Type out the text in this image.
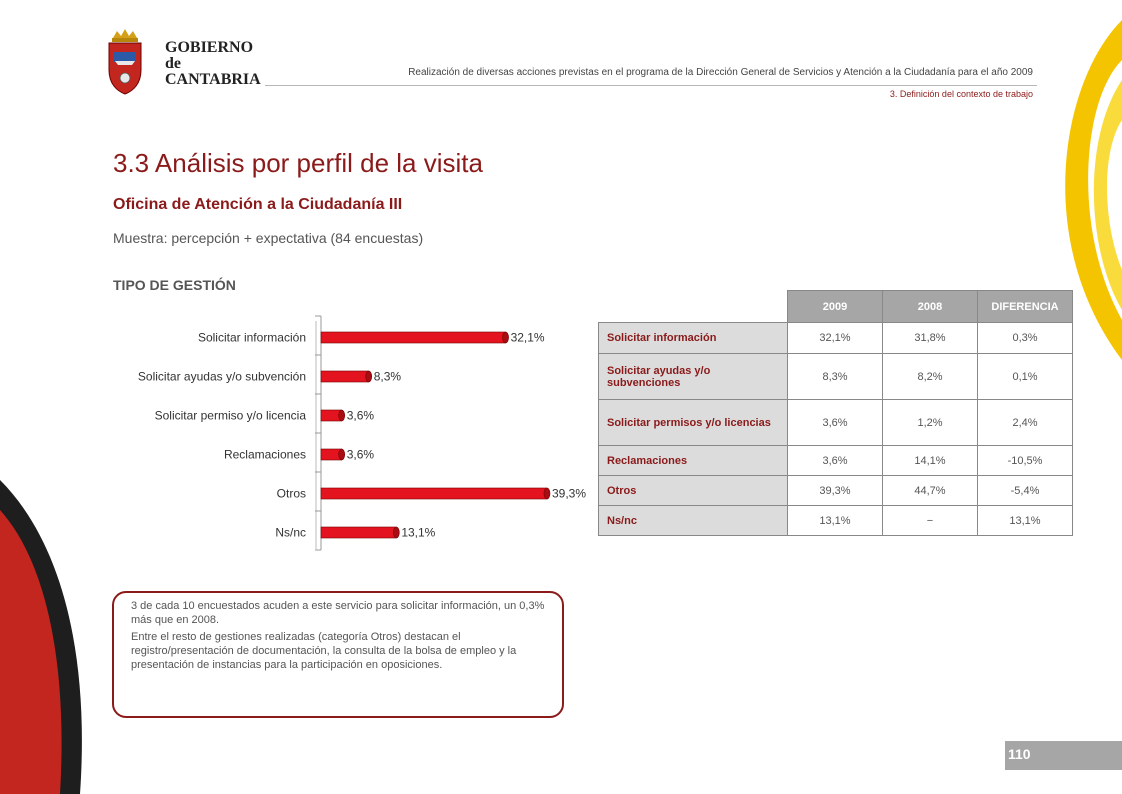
GOBIERNO
de
CANTABRIA	Realización de diversas acciones previstas en el programa de la Dirección General de Servicios y Atención a la Ciudadanía para el año 2009
3. Definición del contexto de trabajo
3.3 Análisis por perfil de la visita
Oficina de Atención a la Ciudadanía III
Muestra: percepción + expectativa (84 encuestas)
TIPO DE GESTIÓN
Solicitar información	32,1%
Solicitar ayudas y/o subvención	8,3%
Solicitar permiso y/o licencia	3,6%
Reclamaciones	3,6%
Otros	39,3%
Ns/nc	13,1%
	2009	2008	DIFERENCIA
Solicitar información	32,1%	31,8%	0,3%
Solicitar ayudas y/o subvenciones	8,3%	8,2%	0,1%
Solicitar permisos y/o licencias	3,6%	1,2%	2,4%
Reclamaciones	3,6%	14,1%	-10,5%
Otros	39,3%	44,7%	-5,4%
Ns/nc	13,1%	−	13,1%

3 de cada 10 encuestados acuden a este servicio para solicitar información, un 0,3% más que en 2008.

Entre el resto de gestiones realizadas (categoría Otros) destacan el registro/presentación de documentación, la consulta de la bolsa de empleo y la presentación de instancias para la participación en oposiciones.

110
